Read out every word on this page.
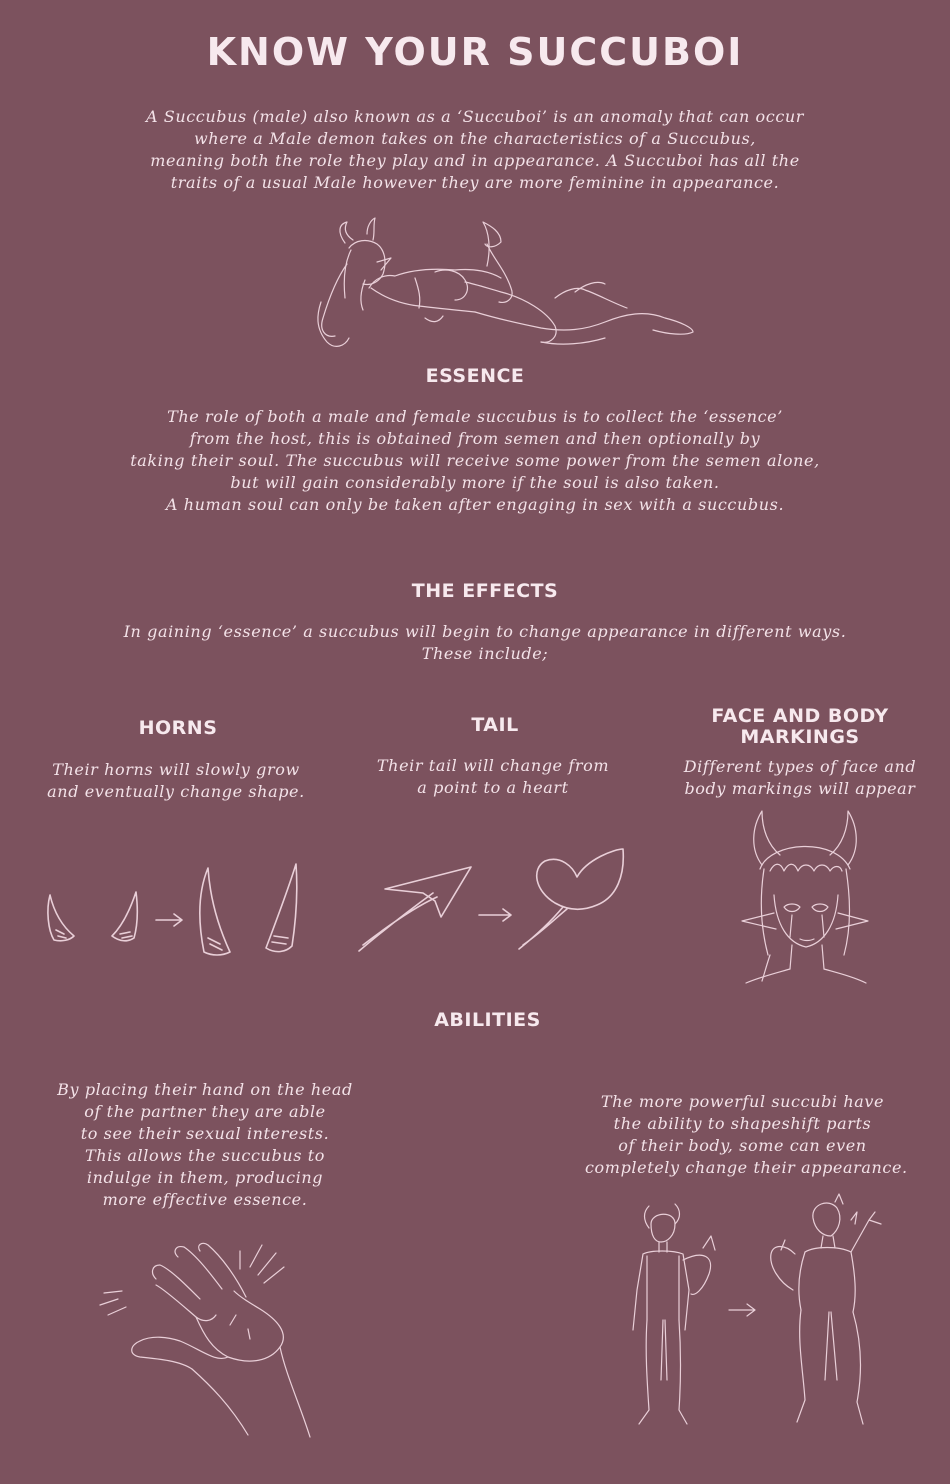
KNOW YOUR SUCCUBOI
A Succubus (male) also known as a ‘Succuboi’ is an anomaly that can occur
where a Male demon takes on the characteristics of a Succubus,
meaning both the role they play and in appearance. A Succuboi has all the
traits of a usual Male however they are more feminine in appearance.
ESSENCE
The role of both a male and female succubus is to collect the ‘essence’
from the host, this is obtained from semen and then optionally by
taking their soul. The succubus will receive some power from the semen alone,
but will gain considerably more if the soul is also taken.
A human soul can only be taken after engaging in sex with a succubus.
THE EFFECTS
In gaining ‘essence’ a succubus will begin to change appearance in different ways.
These include;
HORNS
Their horns will slowly grow
and eventually change shape.
TAIL
Their tail will change from
a point to a heart
FACE AND BODY
MARKINGS
Different types of face and
body markings will appear
ABILITIES
By placing their hand on the head
of the partner they are able
to see their sexual interests.
This allows the succubus to
indulge in them, producing
more effective essence.
The more powerful succubi have
the ability to shapeshift parts
of their body, some can even
completely change their appearance.
